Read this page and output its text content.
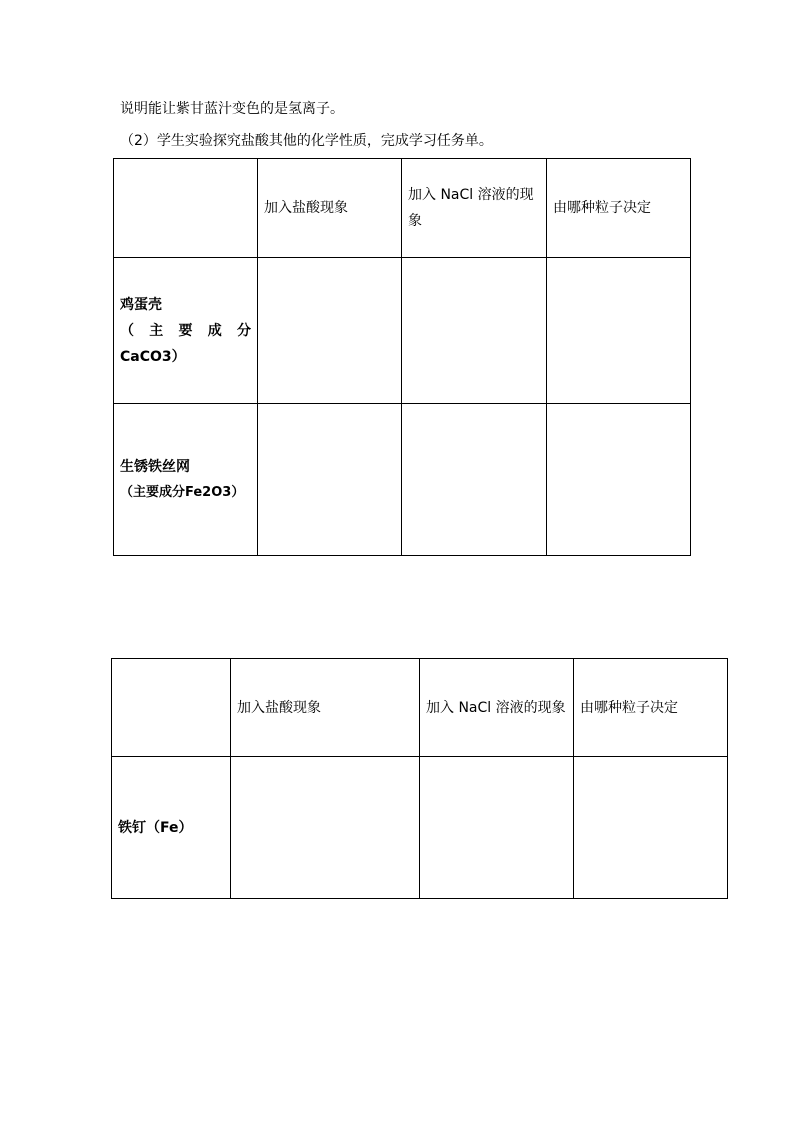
说明能让紫甘蓝汁变色的是氢离子。
（2）学生实验探究盐酸其他的化学性质，完成学习任务单。
	加入盐酸现象	加入 NaCl 溶液的现象	由哪种粒子决定

鸡蛋壳
（ 主 要 成 分
CaCO3）			

生锈铁丝网
（主要成分Fe2O3）			

	加入盐酸现象	加入 NaCl 溶液的现象	由哪种粒子决定

铁钉（Fe）			
